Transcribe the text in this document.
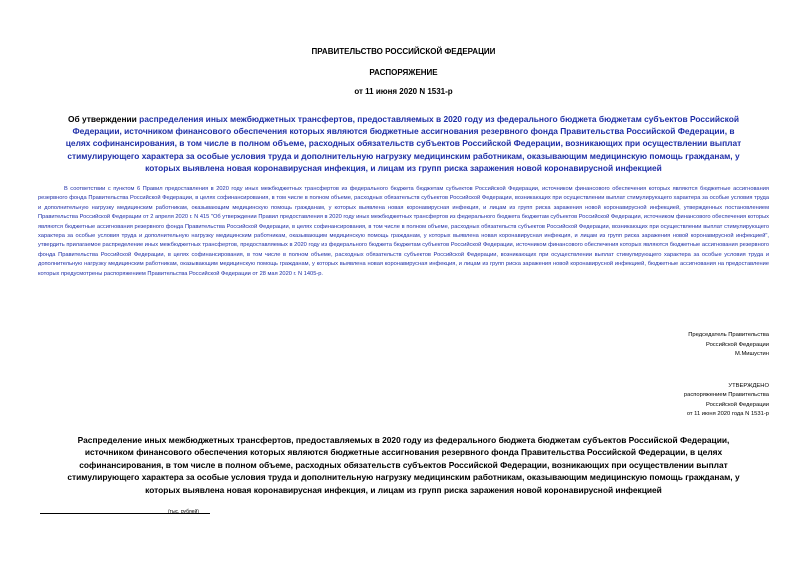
ПРАВИТЕЛЬСТВО РОССИЙСКОЙ ФЕДЕРАЦИИ
РАСПОРЯЖЕНИЕ
от 11 июня 2020 N 1531-р
Об утверждении распределения иных межбюджетных трансфертов, предоставляемых в 2020 году из федерального бюджета бюджетам субъектов Российской Федерации, источником финансового обеспечения которых являются бюджетные ассигнования резервного фонда Правительства Российской Федерации, в целях софинансирования, в том числе в полном объеме, расходных обязательств субъектов Российской Федерации, возникающих при осуществлении выплат стимулирующего характера за особые условия труда и дополнительную нагрузку медицинским работникам, оказывающим медицинскую помощь гражданам, у которых выявлена новая коронавирусная инфекция, и лицам из групп риска заражения новой коронавирусной инфекцией
В соответствии с пунктом 6 Правил предоставления в 2020 году иных межбюджетных трансфертов из федерального бюджета бюджетам субъектов Российской Федерации, источником финансового обеспечения которых являются бюджетные ассигнования резервного фонда Правительства Российской Федерации, в целях софинансирования, в том числе в полном объеме, расходных обязательств субъектов Российской Федерации, возникающих при осуществлении выплат стимулирующего характера за особые условия труда и дополнительную нагрузку медицинским работникам, оказывающим медицинскую помощь гражданам, у которых выявлена новая коронавирусная инфекция, и лицам из групп риска заражения новой коронавирусной инфекцией, утвержденных постановлением Правительства Российской Федерации от 2 апреля 2020 г. N 415 "Об утверждении Правил предоставления в 2020 году иных межбюджетных трансфертов из федерального бюджета бюджетам субъектов Российской Федерации, источником финансового обеспечения которых являются бюджетные ассигнования резервного фонда Правительства Российской Федерации, в целях софинансирования, в том числе в полном объеме, расходных обязательств субъектов Российской Федерации, возникающих при осуществлении выплат стимулирующего характера за особые условия труда и дополнительную нагрузку медицинским работникам, оказывающим медицинскую помощь гражданам, у которых выявлена новая коронавирусная инфекция, и лицам из групп риска заражения новой коронавирусной инфекцией", утвердить прилагаемое распределение иных межбюджетных трансфертов, предоставляемых в 2020 году из федерального бюджета бюджетам субъектов Российской Федерации, источником финансового обеспечения которых являются бюджетные ассигнования резервного фонда Правительства Российской Федерации, в целях софинансирования, в том числе в полном объеме, расходных обязательств субъектов Российской Федерации, возникающих при осуществлении выплат стимулирующего характера за особые условия труда и дополнительную нагрузку медицинским работникам, оказывающим медицинскую помощь гражданам, у которых выявлена новая коронавирусная инфекция, и лицам из групп риска заражения новой коронавирусной инфекцией, бюджетные ассигнования на предоставление которых предусмотрены распоряжением Правительства Российской Федерации от 28 мая 2020 г. N 1405-р.
Председатель Правительства
Российской Федерации
М.Мишустин
УТВЕРЖДЕНО
распоряжением Правительства
Российской Федерации
от 11 июня 2020 года N 1531-р
Распределение иных межбюджетных трансфертов, предоставляемых в 2020 году из федерального бюджета бюджетам субъектов Российской Федерации, источником финансового обеспечения которых являются бюджетные ассигнования резервного фонда Правительства Российской Федерации, в целях софинансирования, в том числе в полном объеме, расходных обязательств субъектов Российской Федерации, возникающих при осуществлении выплат стимулирующего характера за особые условия труда и дополнительную нагрузку медицинским работникам, оказывающим медицинскую помощь гражданам, у которых выявлена новая коронавирусная инфекция, и лицам из групп риска заражения новой коронавирусной инфекцией
(тыс. рублей)
